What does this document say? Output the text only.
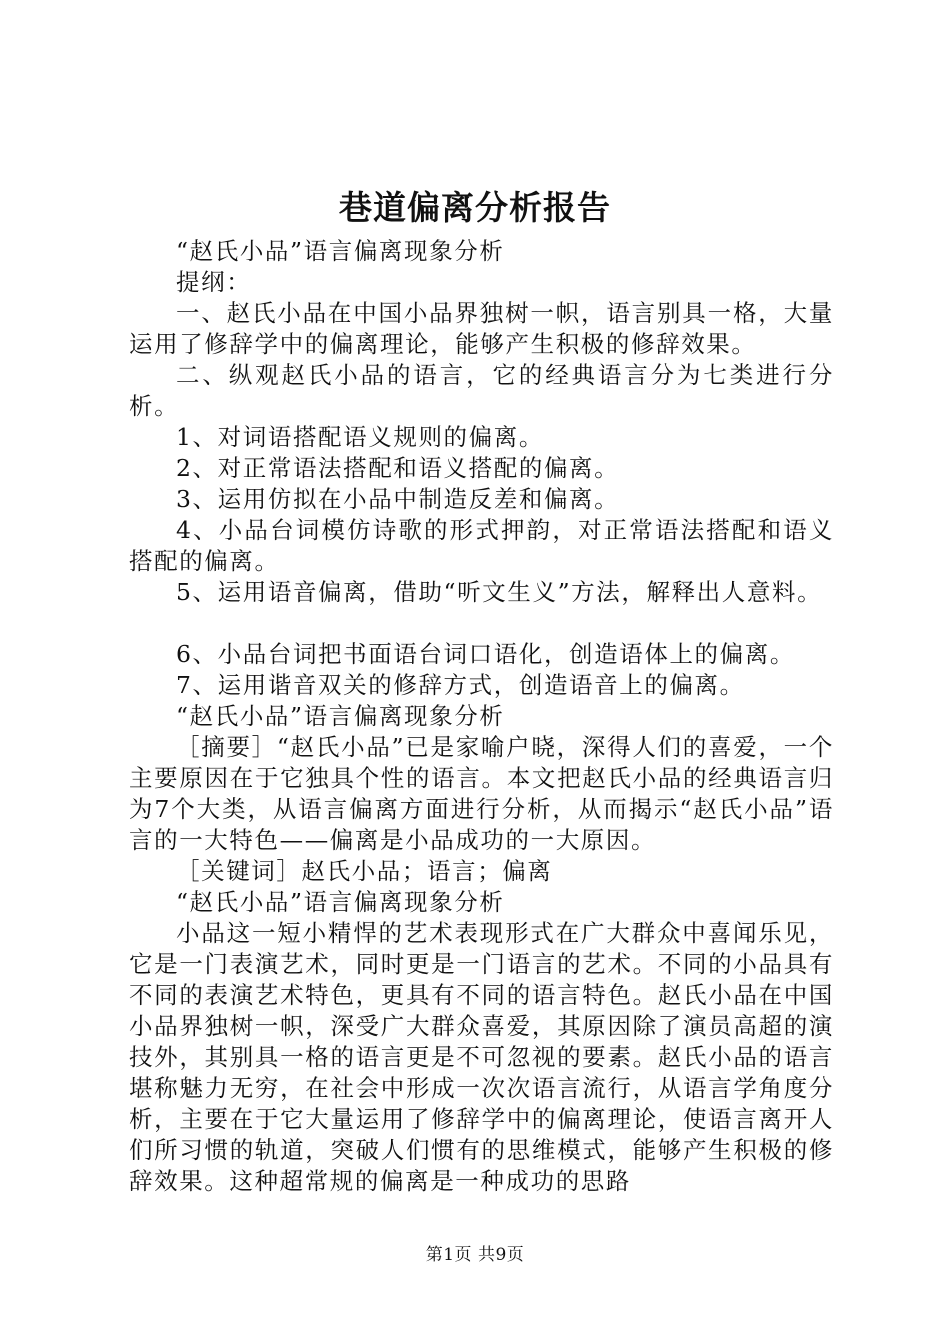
巷道偏离分析报告

“赵氏小品”语言偏离现象分析

提纲：

一、赵氏小品在中国小品界独树一帜，语言别具一格，大量运用了修辞学中的偏离理论，能够产生积极的修辞效果。

二、纵观赵氏小品的语言，它的经典语言分为七类进行分析。

1、对词语搭配语义规则的偏离。

2、对正常语法搭配和语义搭配的偏离。

3、运用仿拟在小品中制造反差和偏离。

4、小品台词模仿诗歌的形式押韵，对正常语法搭配和语义搭配的偏离。

5、运用语音偏离，借助“听文生义”方法，解释出人意料。

6、小品台词把书面语台词口语化，创造语体上的偏离。

7、运用谐音双关的修辞方式，创造语音上的偏离。

“赵氏小品”语言偏离现象分析

［摘要］“赵氏小品”已是家喻户晓，深得人们的喜爱，一个主要原因在于它独具个性的语言。本文把赵氏小品的经典语言归为7个大类，从语言偏离方面进行分析，从而揭示“赵氏小品”语言的一大特色——偏离是小品成功的一大原因。

［关键词］赵氏小品；语言；偏离

“赵氏小品”语言偏离现象分析

小品这一短小精悍的艺术表现形式在广大群众中喜闻乐见，它是一门表演艺术，同时更是一门语言的艺术。不同的小品具有不同的表演艺术特色，更具有不同的语言特色。赵氏小品在中国小品界独树一帜，深受广大群众喜爱，其原因除了演员高超的演技外，其别具一格的语言更是不可忽视的要素。赵氏小品的语言堪称魅力无穷，在社会中形成一次次语言流行，从语言学角度分析，主要在于它大量运用了修辞学中的偏离理论，使语言离开人们所习惯的轨道，突破人们惯有的思维模式，能够产生积极的修辞效果。这种超常规的偏离是一种成功的思路

第1页 共9页
